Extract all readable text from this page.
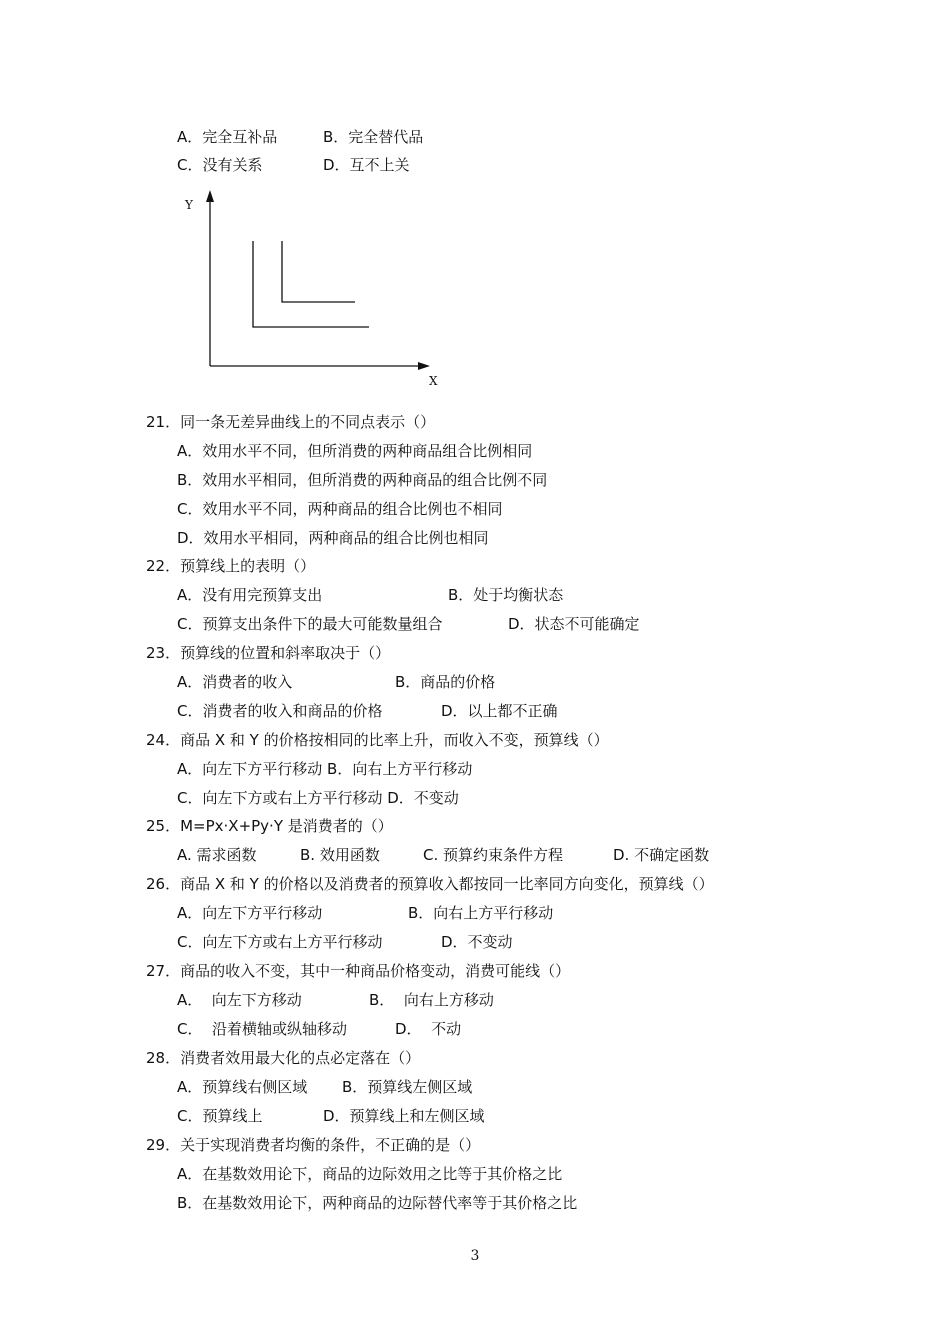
A．完全互补品	B．完全替代品
C．没有关系	D．互不上关
Y
X
21．同一条无差异曲线上的不同点表示（）
A．效用水平不同，但所消费的两种商品组合比例相同
B．效用水平相同，但所消费的两种商品的组合比例不同
C．效用水平不同，两种商品的组合比例也不相同
D．效用水平相同，两种商品的组合比例也相同
22．预算线上的表明（）
A．没有用完预算支出	B．处于均衡状态
C．预算支出条件下的最大可能数量组合	D．状态不可能确定
23．预算线的位置和斜率取决于（）
A．消费者的收入	B．商品的价格
C．消费者的收入和商品的价格	D．以上都不正确
24．商品 X 和 Y 的价格按相同的比率上升，而收入不变，预算线（）
A．向左下方平行移动 B．向右上方平行移动
C．向左下方或右上方平行移动 D．不变动
25．M=Px·X+Py·Y 是消费者的（）
A. 需求函数	B. 效用函数	C. 预算约束条件方程	D. 不确定函数
26．商品 X 和 Y 的价格以及消费者的预算收入都按同一比率同方向变化，预算线（）
A．向左下方平行移动	B．向右上方平行移动
C．向左下方或右上方平行移动	D．不变动
27．商品的收入不变，其中一种商品价格变动，消费可能线（）
A．  向左下方移动	B．  向右上方移动
C．  沿着横轴或纵轴移动	D．  不动
28．消费者效用最大化的点必定落在（）
A．预算线右侧区域 B．预算线左侧区域
C．预算线上	D．预算线上和左侧区域
29．关于实现消费者均衡的条件，不正确的是（）
A．在基数效用论下，商品的边际效用之比等于其价格之比
B．在基数效用论下，两种商品的边际替代率等于其价格之比
3
